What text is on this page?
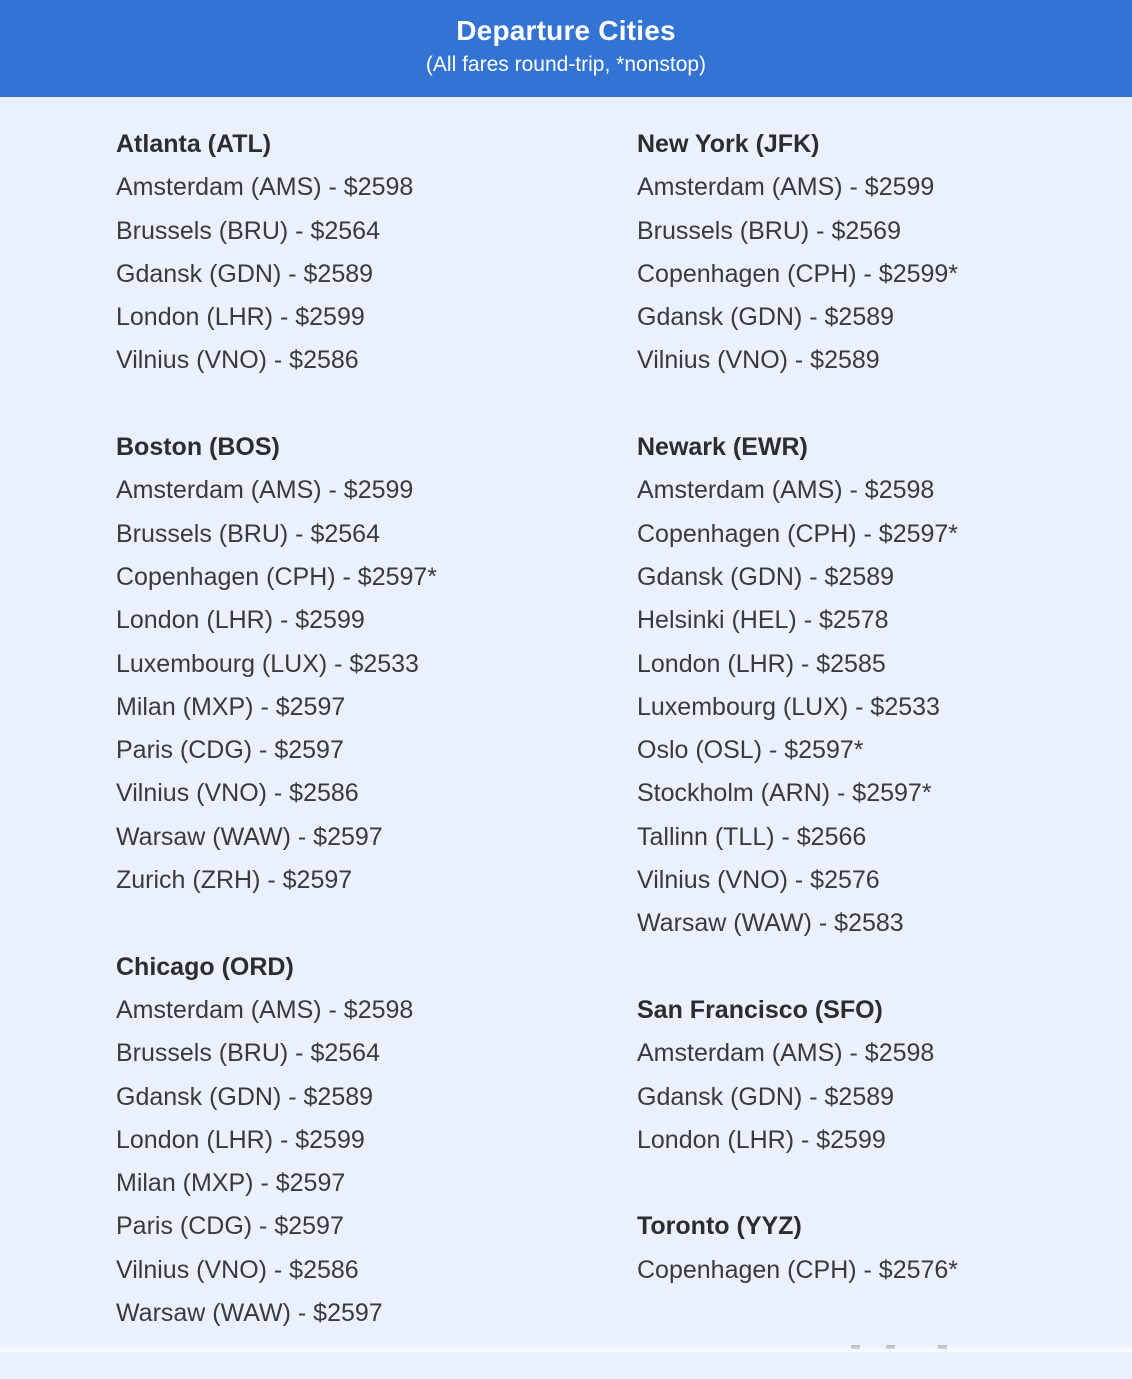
Departure Cities
(All fares round-trip, *nonstop)
Atlanta (ATL)
Amsterdam (AMS) - $2598
Brussels (BRU) - $2564
Gdansk (GDN) - $2589
London (LHR) - $2599
Vilnius (VNO) - $2586
Boston (BOS)
Amsterdam (AMS) - $2599
Brussels (BRU) - $2564
Copenhagen (CPH) - $2597*
London (LHR) - $2599
Luxembourg (LUX) - $2533
Milan (MXP) - $2597
Paris (CDG) - $2597
Vilnius (VNO) - $2586
Warsaw (WAW) - $2597
Zurich (ZRH) - $2597
Chicago (ORD)
Amsterdam (AMS) - $2598
Brussels (BRU) - $2564
Gdansk (GDN) - $2589
London (LHR) - $2599
Milan (MXP) - $2597
Paris (CDG) - $2597
Vilnius (VNO) - $2586
Warsaw (WAW) - $2597
New York (JFK)
Amsterdam (AMS) - $2599
Brussels (BRU) - $2569
Copenhagen (CPH) - $2599*
Gdansk (GDN) - $2589
Vilnius (VNO) - $2589
Newark (EWR)
Amsterdam (AMS) - $2598
Copenhagen (CPH) - $2597*
Gdansk (GDN) - $2589
Helsinki (HEL) - $2578
London (LHR) - $2585
Luxembourg (LUX) - $2533
Oslo (OSL) - $2597*
Stockholm (ARN) - $2597*
Tallinn (TLL) - $2566
Vilnius (VNO) - $2576
Warsaw (WAW) - $2583
San Francisco (SFO)
Amsterdam (AMS) - $2598
Gdansk (GDN) - $2589
London (LHR) - $2599
Toronto (YYZ)
Copenhagen (CPH) - $2576*
